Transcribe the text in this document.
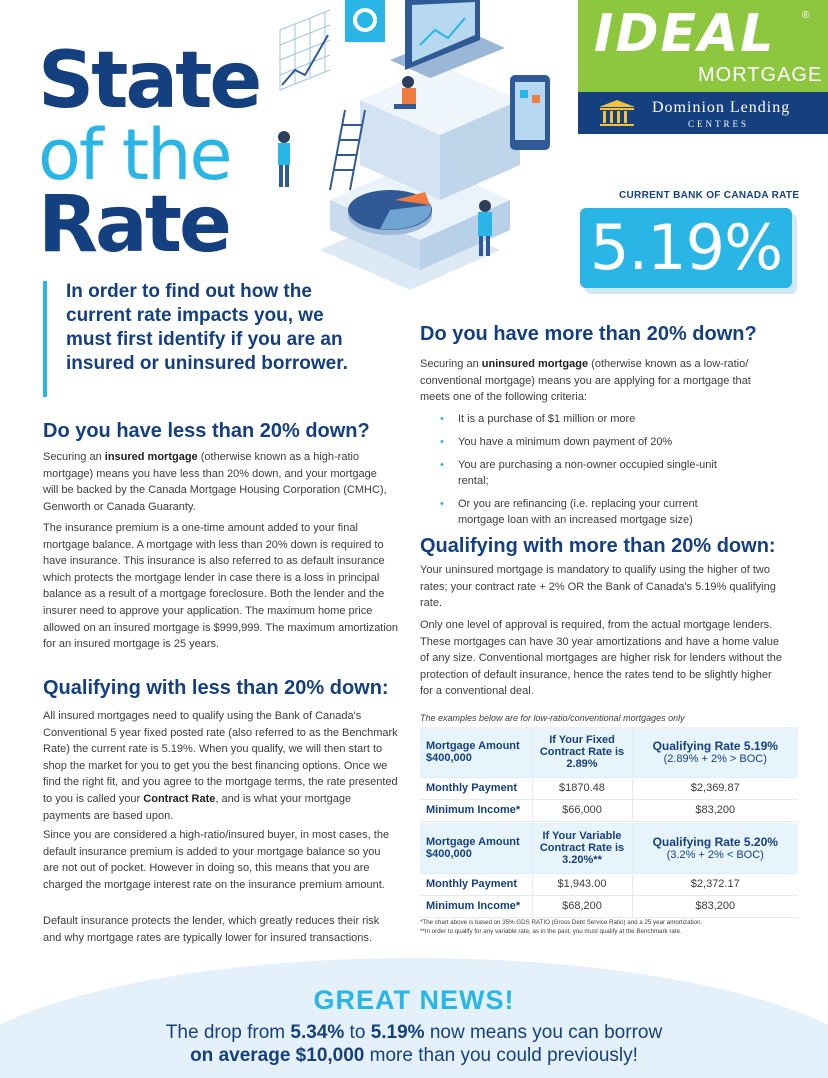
State
of the
Rate
IDEAL	®
MORTGAGE
Dominion Lending
CENTRES
CURRENT BANK OF CANADA RATE
5.19%
In order to find out how the current rate impacts you, we must first identify if you are an insured or uninsured borrower.
Do you have less than 20% down?

Securing an insured mortgage (otherwise known as a high-ratio mortgage) means you have less than 20% down, and your mortgage will be backed by the Canada Mortgage Housing Corporation (CMHC), Genworth or Canada Guaranty.

The insurance premium is a one-time amount added to your final mortgage balance. A mortgage with less than 20% down is required to have insurance. This insurance is also referred to as default insurance which protects the mortgage lender in case there is a loss in principal balance as a result of a mortgage foreclosure. Both the lender and the insurer need to approve your application. The maximum home price allowed on an insured mortgage is $999,999. The maximum amortization for an insured mortgage is 25 years.

Qualifying with less than 20% down:

All insured mortgages need to qualify using the Bank of Canada's Conventional 5 year fixed posted rate (also referred to as the Benchmark Rate) the current rate is 5.19%. When you qualify, we will then start to shop the market for you to get you the best financing options. Once we find the right fit, and you agree to the mortgage terms, the rate presented to you is called your Contract Rate, and is what your mortgage payments are based upon.

Since you are considered a high-ratio/insured buyer, in most cases, the default insurance premium is added to your mortgage balance so you are not out of pocket. However in doing so, this means that you are charged the mortgage interest rate on the insurance premium amount.

Default insurance protects the lender, which greatly reduces their risk and why mortgage rates are typically lower for insured transactions.

Do you have more than 20% down?

Securing an uninsured mortgage (otherwise known as a low-ratio/ conventional mortgage) means you are applying for a mortgage that meets one of the following criteria:

• It is a purchase of $1 million or more
• You have a minimum down payment of 20%
• You are purchasing a non-owner occupied single-unit rental;
• Or you are refinancing (i.e. replacing your current mortgage loan with an increased mortgage size)
Qualifying with more than 20% down:

Your uninsured mortgage is mandatory to qualify using the higher of two rates; your contract rate + 2% OR the Bank of Canada's 5.19% qualifying rate.

Only one level of approval is required, from the actual mortgage lenders. These mortgages can have 30 year amortizations and have a home value of any size. Conventional mortgages are higher risk for lenders without the protection of default insurance, hence the rates tend to be slightly higher for a conventional deal.

The examples below are for low-ratio/conventional mortgages only
Mortgage Amount $400,000	If Your Fixed Contract Rate is 2.89%	Qualifying Rate 5.19%
(2.89% + 2% > BOC)

Monthly Payment	$1870.48	$2,369.87
Minimum Income*	$66,000	$83,200
Mortgage Amount $400,000	If Your Variable Contract Rate is 3.20%**	Qualifying Rate 5.20%
(3.2% + 2% < BOC)

Monthly Payment	$1,943.00	$2,372.17
Minimum Income*	$68,200	$83,200
*The chart above is based on 35% GDS RATIO (Gross Debt Service Ratio) and a 25 year amortization.
**In order to qualify for any variable rate, as in the past, you must qualify at the Benchmark rate.
GREAT NEWS!
The drop from 5.34% to 5.19% now means you can borrow
on average $10,000 more than you could previously!
